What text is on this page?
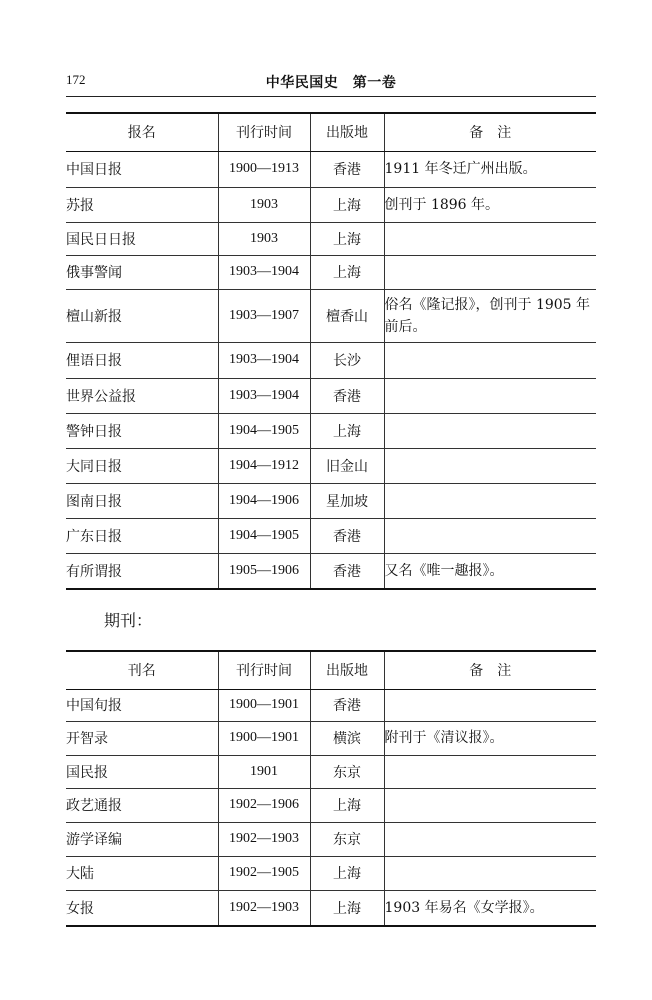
172	中华民国史　第一卷
报名	刊行时间	出版地	备　注
中国日报	1900—1913	香港	1911 年冬迁广州出版。
苏报	1903	上海	创刊于 1896 年。
国民日日报	1903	上海	
俄事警闻	1903—1904	上海	
檀山新报	1903—1907	檀香山	俗名《隆记报》，创刊于 1905 年前后。
俚语日报	1903—1904	长沙	
世界公益报	1903—1904	香港	
警钟日报	1904—1905	上海	
大同日报	1904—1912	旧金山	
图南日报	1904—1906	星加坡	
广东日报	1904—1905	香港	
有所谓报	1905—1906	香港	又名《唯一趣报》。
期刊：
刊名	刊行时间	出版地	备　注
中国旬报	1900—1901	香港	
开智录	1900—1901	横滨	附刊于《清议报》。
国民报	1901	东京	
政艺通报	1902—1906	上海	
游学译编	1902—1903	东京	
大陆	1902—1905	上海	
女报	1902—1903	上海	1903 年易名《女学报》。
